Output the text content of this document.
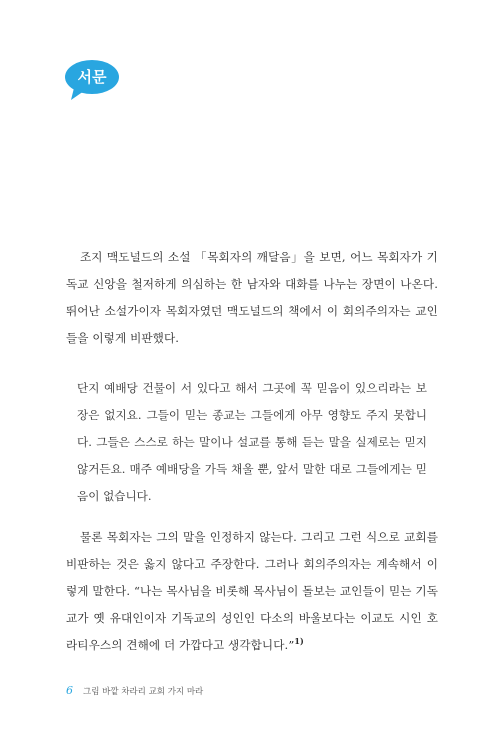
서문

조지 맥도널드의 소설 「목회자의 깨달음」을 보면, 어느 목회자가 기독교 신앙을 철저하게 의심하는 한 남자와 대화를 나누는 장면이 나온다. 뛰어난 소설가이자 목회자였던 맥도널드의 책에서 이 회의주의자는 교인들을 이렇게 비판했다.

단지 예배당 건물이 서 있다고 해서 그곳에 꼭 믿음이 있으리라는 보장은 없지요. 그들이 믿는 종교는 그들에게 아무 영향도 주지 못합니다. 그들은 스스로 하는 말이나 설교를 통해 듣는 말을 실제로는 믿지 않거든요. 매주 예배당을 가득 채울 뿐, 앞서 말한 대로 그들에게는 믿음이 없습니다.

물론 목회자는 그의 말을 인정하지 않는다. 그리고 그런 식으로 교회를 비판하는 것은 옳지 않다고 주장한다. 그러나 회의주의자는 계속해서 이렇게 말한다. “나는 목사님을 비롯해 목사님이 돌보는 교인들이 믿는 기독교가 옛 유대인이자 기독교의 성인인 다소의 바울보다는 이교도 시인 호라티우스의 견해에 더 가깝다고 생각합니다.”$^{1)}$

6 그림 바깥 차라리 교회 가지 마라
